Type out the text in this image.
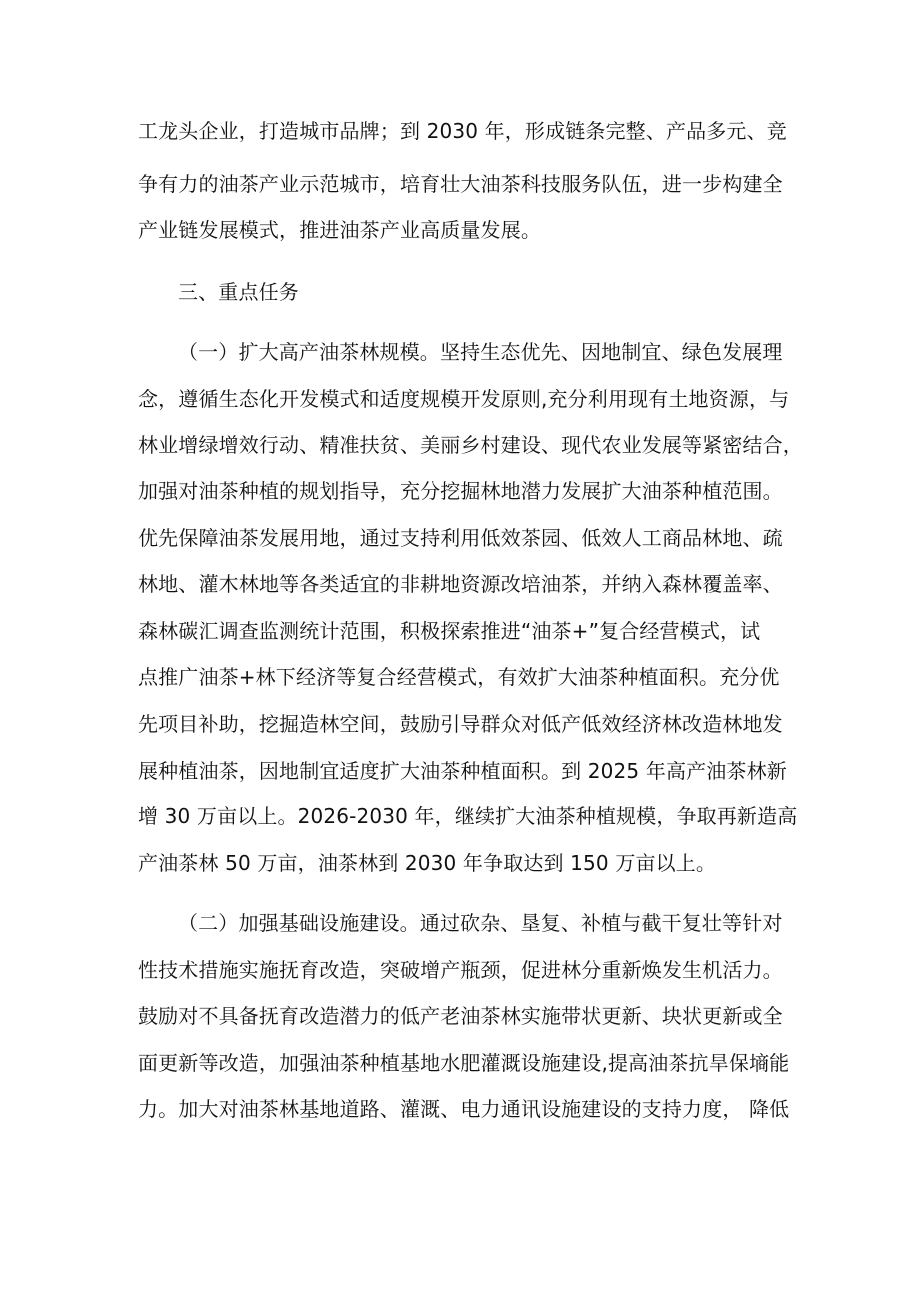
工龙头企业，打造城市品牌；到 2030 年，形成链条完整、产品多元、竞

争有力的油茶产业示范城市，培育壮大油茶科技服务队伍，进一步构建全

产业链发展模式，推进油茶产业高质量发展。

三、重点任务

（一）扩大高产油茶林规模。坚持生态优先、因地制宜、绿色发展理

念，遵循生态化开发模式和适度规模开发原则,充分利用现有土地资源，与

林业增绿增效行动、精准扶贫、美丽乡村建设、现代农业发展等紧密结合，

加强对油茶种植的规划指导，充分挖掘林地潜力发展扩大油茶种植范围。

优先保障油茶发展用地，通过支持利用低效茶园、低效人工商品林地、疏

林地、灌木林地等各类适宜的非耕地资源改培油茶，并纳入森林覆盖率、

森林碳汇调查监测统计范围，积极探索推进“油茶+”复合经营模式，试

点推广油茶+林下经济等复合经营模式，有效扩大油茶种植面积。充分优

先项目补助，挖掘造林空间，鼓励引导群众对低产低效经济林改造林地发

展种植油茶，因地制宜适度扩大油茶种植面积。到 2025 年高产油茶林新

增 30 万亩以上。2026-2030 年，继续扩大油茶种植规模，争取再新造高

产油茶林 50 万亩，油茶林到 2030 年争取达到 150 万亩以上。

（二）加强基础设施建设。通过砍杂、垦复、补植与截干复壮等针对

性技术措施实施抚育改造，突破增产瓶颈，促进林分重新焕发生机活力。

鼓励对不具备抚育改造潜力的低产老油茶林实施带状更新、块状更新或全

面更新等改造，加强油茶种植基地水肥灌溉设施建设,提高油茶抗旱保墒能

力。加大对油茶林基地道路、灌溉、电力通讯设施建设的支持力度， 降低
